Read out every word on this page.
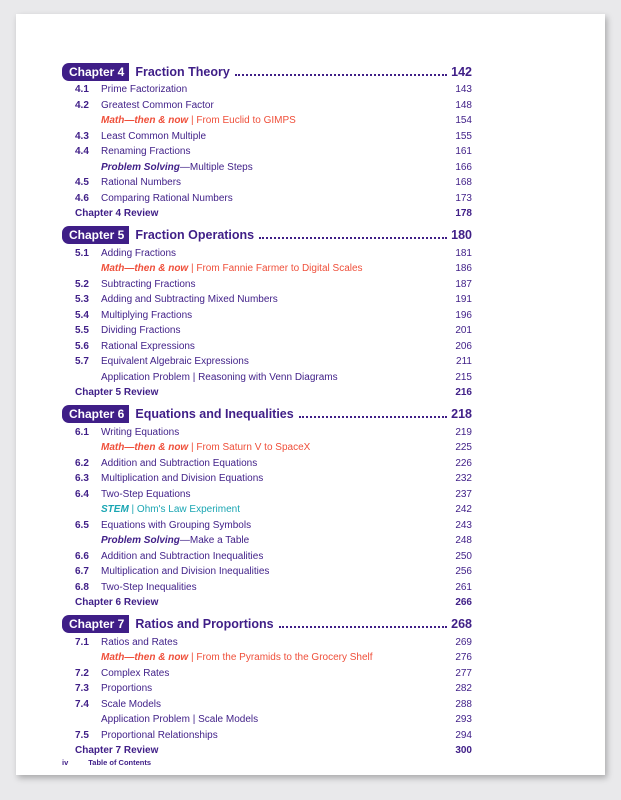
Chapter 4 Fraction Theory	142
4.1	Prime Factorization	143
4.2	Greatest Common Factor	148
Math—then & now | From Euclid to GIMPS	154
4.3	Least Common Multiple	155
4.4	Renaming Fractions	161
Problem Solving—Multiple Steps	166
4.5	Rational Numbers	168
4.6	Comparing Rational Numbers	173
Chapter 4 Review	178
Chapter 5 Fraction Operations	180
5.1	Adding Fractions	181
Math—then & now | From Fannie Farmer to Digital Scales	186
5.2	Subtracting Fractions	187
5.3	Adding and Subtracting Mixed Numbers	191
5.4	Multiplying Fractions	196
5.5	Dividing Fractions	201
5.6	Rational Expressions	206
5.7	Equivalent Algebraic Expressions	211
Application Problem | Reasoning with Venn Diagrams	215
Chapter 5 Review	216
Chapter 6 Equations and Inequalities	218
6.1	Writing Equations	219
Math—then & now | From Saturn V to SpaceX	225
6.2	Addition and Subtraction Equations	226
6.3	Multiplication and Division Equations	232
6.4	Two-Step Equations	237
STEM | Ohm's Law Experiment	242
6.5	Equations with Grouping Symbols	243
Problem Solving—Make a Table	248
6.6	Addition and Subtraction Inequalities	250
6.7	Multiplication and Division Inequalities	256
6.8	Two-Step Inequalities	261
Chapter 6 Review	266
Chapter 7 Ratios and Proportions	268
7.1	Ratios and Rates	269
Math—then & now | From the Pyramids to the Grocery Shelf	276
7.2	Complex Rates	277
7.3	Proportions	282
7.4	Scale Models	288
Application Problem | Scale Models	293
7.5	Proportional Relationships	294
Chapter 7 Review	300
iv	Table of Contents
